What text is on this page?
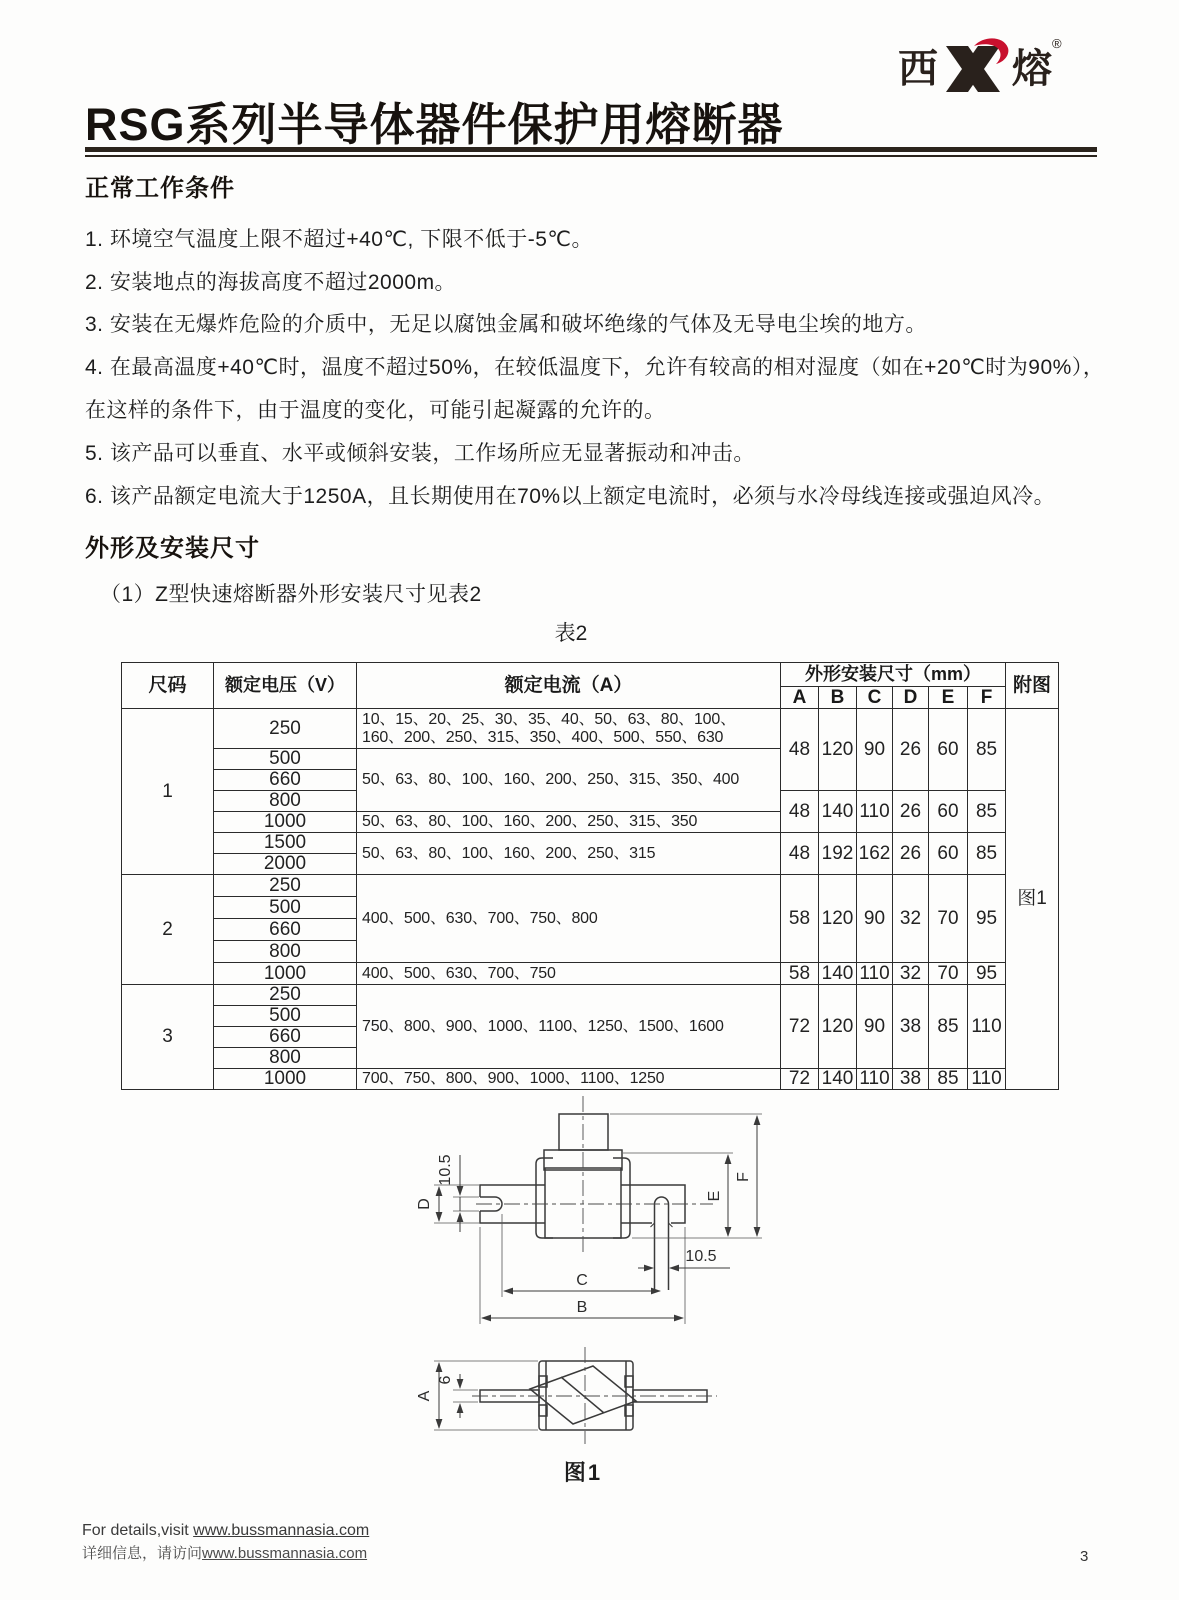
西 熔
®
RSG系列半导体器件保护用熔断器
正常工作条件
1. 环境空气温度上限不超过+40℃, 下限不低于-5℃。
2. 安装地点的海拔高度不超过2000m。
3. 安装在无爆炸危险的介质中，无足以腐蚀金属和破坏绝缘的气体及无导电尘埃的地方。
4. 在最高温度+40℃时，温度不超过50%，在较低温度下，允许有较高的相对湿度（如在+20℃时为90%），
在这样的条件下，由于温度的变化，可能引起凝露的允许的。
5. 该产品可以垂直、水平或倾斜安装，工作场所应无显著振动和冲击。
6. 该产品额定电流大于1250A，且长期使用在70%以上额定电流时，必须与水冷母线连接或强迫风冷。
外形及安装尺寸
（1）Z型快速熔断器外形安装尺寸见表2
表2
尺码	额定电压（V）	额定电流（A）	外形安装尺寸（mm）						附图
			A	B	C	D	E	F	
1	250	10、15、20、25、30、35、40、50、63、80、100、160、200、250、315、350、400、500、550、630	48	120	90	26	60	85	图1
	500	50、63、80、100、160、200、250、315、350、400							
	660								
	800		48	140	110	26	60	85	
	1000	50、63、80、100、160、200、250、315、350							
	1500	50、63、80、100、160、200、250、315	48	192	162	26	60	85	
	2000								
2	250	400、500、630、700、750、800	58	120	90	32	70	95	
	500								
	660								
	800								
	1000	400、500、630、700、750	58	140	110	32	70	95	
3	250	750、800、900、1000、1100、1250、1500、1600	72	120	90	38	85	110	
	500								
	660								
	800								
	1000	700、750、800、900、1000、1100、1250	72	140	110	38	85	110	
D
10.5
E
F
C
B
10.5
A
6
图1
For details,visit www.bussmannasia.com
详细信息，请访问www.bussmannasia.com	3
